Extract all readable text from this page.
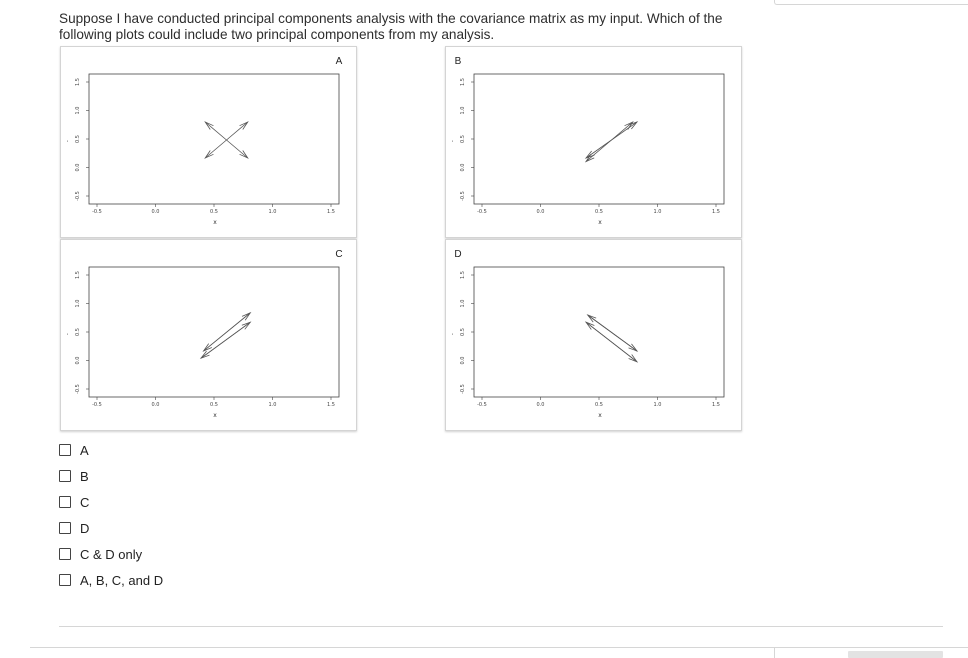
Suppose I have conducted principal components analysis with the covariance matrix as my input. Which of the following plots could include two principal components from my analysis.

A
-0.5	0.0	0.5	1.0	1.5
x
-0.5
0.0
0.5
1.0
1.5
'
B
-0.5	0.0	0.5	1.0	1.5
x
-0.5
0.0
0.5
1.0
1.5
'
C
-0.5	0.0	0.5	1.0	1.5
x
-0.5
0.0
0.5
1.0
1.5
'
D
-0.5	0.0	0.5	1.0	1.5
x
-0.5
0.0
0.5
1.0
1.5
'
A
B
C
D
C & D only
A, B, C, and D
